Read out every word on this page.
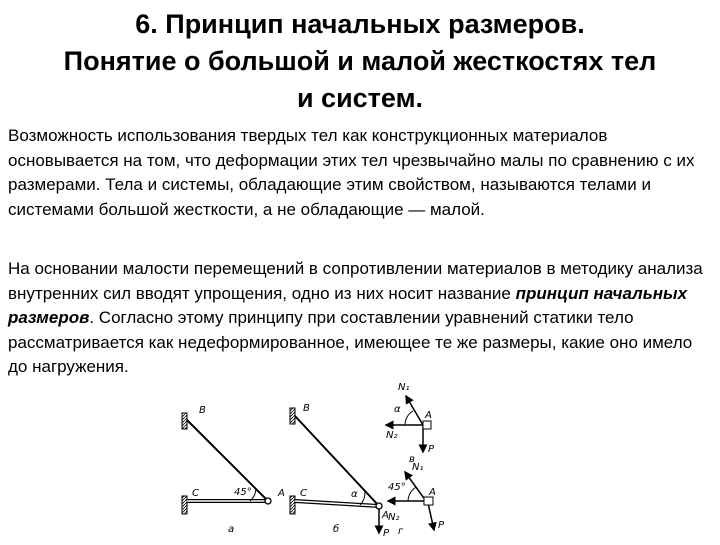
6. Принцип начальных размеров.
Понятие о большой и малой жесткостях тел
и систем.
Возможность использования твердых тел как конструкционных материалов основывается на том, что деформации этих тел чрезвычайно малы по сравнению с их размерами. Тела и системы, обладающие этим свойством, называются телами и системами большой жесткости, а не обладающие — малой.
На основании малости перемещений в сопротивлении материалов в методику анализа внутренних сил вводят упрощения, одно из них носит название принцип начальных размеров. Согласно этому принципу при составлении уравнений статики тело рассматривается как недеформированное, имеющее те же размеры, какие оно имело до нагружения.
B
C	A
45°
а
B
C
A
α
P
б
N₁
α
A
N₂
P
в
N₁
45° A
N₂
P
г
